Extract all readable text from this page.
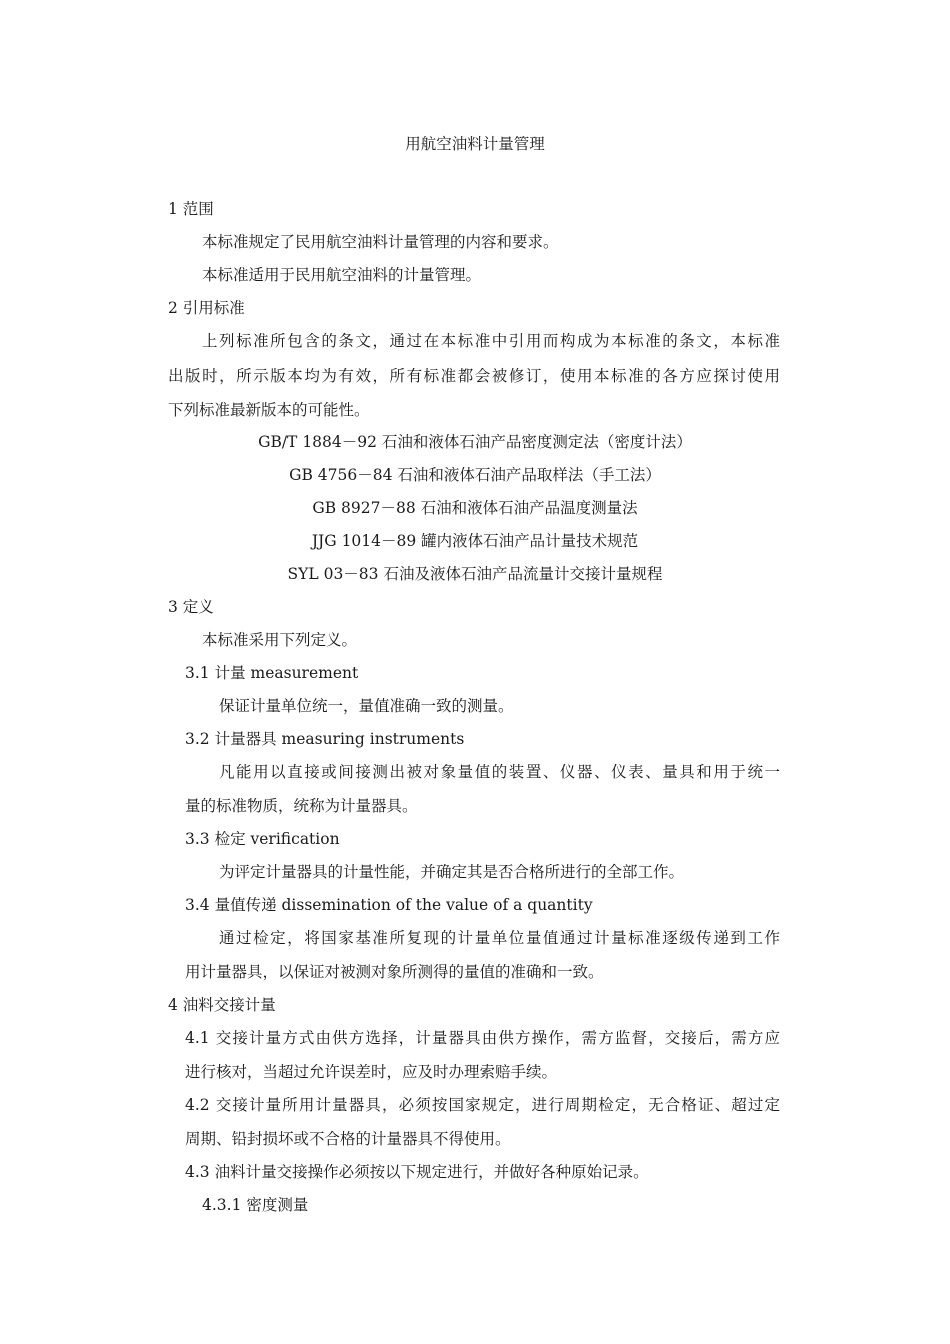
用航空油料计量管理
1 范围
本标准规定了民用航空油料计量管理的内容和要求。
本标准适用于民用航空油料的计量管理。
2 引用标准
上列标准所包含的条文，通过在本标准中引用而构成为本标准的条文，本标准
出版时，所示版本均为有效，所有标准都会被修订，使用本标准的各方应探讨使用
下列标准最新版本的可能性。
GB/T 1884－92 石油和液体石油产品密度测定法（密度计法）
GB 4756－84 石油和液体石油产品取样法（手工法）
GB 8927－88 石油和液体石油产品温度测量法
JJG 1014－89 罐内液体石油产品计量技术规范
SYL 03－83 石油及液体石油产品流量计交接计量规程
3 定义
本标准采用下列定义。
3.1 计量 measurement
保证计量单位统一，量值准确一致的测量。
3.2 计量器具 measuring instruments
凡能用以直接或间接测出被对象量值的装置、仪器、仪表、量具和用于统一
量的标准物质，统称为计量器具。
3.3 检定 verification
为评定计量器具的计量性能，并确定其是否合格所进行的全部工作。
3.4 量值传递 dissemination of the value of a quantity
通过检定，将国家基准所复现的计量单位量值通过计量标准逐级传递到工作
用计量器具，以保证对被测对象所测得的量值的准确和一致。
4 油料交接计量
4.1 交接计量方式由供方选择，计量器具由供方操作，需方监督，交接后，需方应
进行核对，当超过允许误差时，应及时办理索赔手续。
4.2 交接计量所用计量器具，必须按国家规定，进行周期检定，无合格证、超过定
周期、铅封损坏或不合格的计量器具不得使用。
4.3 油料计量交接操作必须按以下规定进行，并做好各种原始记录。
4.3.1 密度测量
